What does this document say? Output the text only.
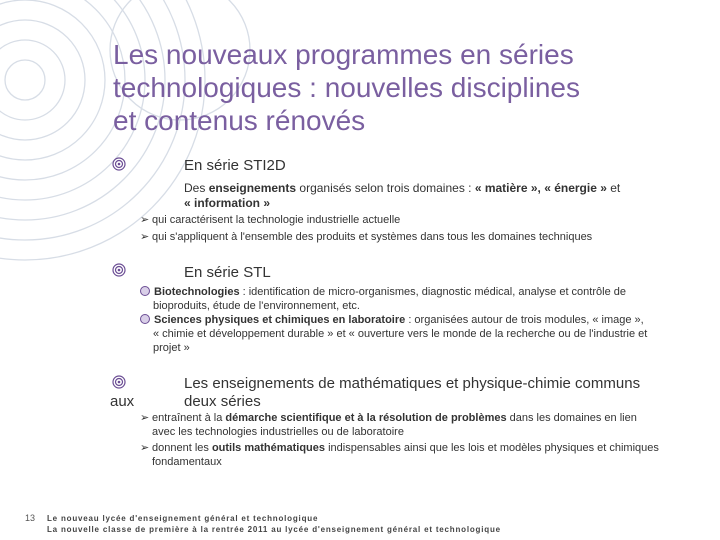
Les nouveaux programmes en séries
technologiques : nouvelles disciplines
et contenus rénovés
En série STI2D
Des enseignements organisés selon trois domaines : « matière », « énergie » et
« information »
➢ qui caractérisent la technologie industrielle actuelle
➢ qui s'appliquent à l'ensemble des produits et systèmes dans tous les domaines techniques
En série STL
Biotechnologies : identification de micro-organismes, diagnostic médical, analyse et contrôle de
bioproduits, étude de l'environnement, etc.
Sciences physiques et chimiques en laboratoire : organisées autour de trois modules, « image »,
« chimie et développement durable » et « ouverture vers le monde de la recherche ou de l'industrie et
projet »
Les enseignements de mathématiques et physique-chimie communs
deux séries
aux
➢ entraînent à la démarche scientifique et à la résolution de problèmes dans les domaines en lien
avec les technologies industrielles ou de laboratoire
➢ donnent les outils mathématiques indispensables ainsi que les lois et modèles physiques et chimiques
fondamentaux
13 Le nouveau lycée d'enseignement général et technologique
La nouvelle classe de première à la rentrée 2011 au lycée d'enseignement général et technologique
